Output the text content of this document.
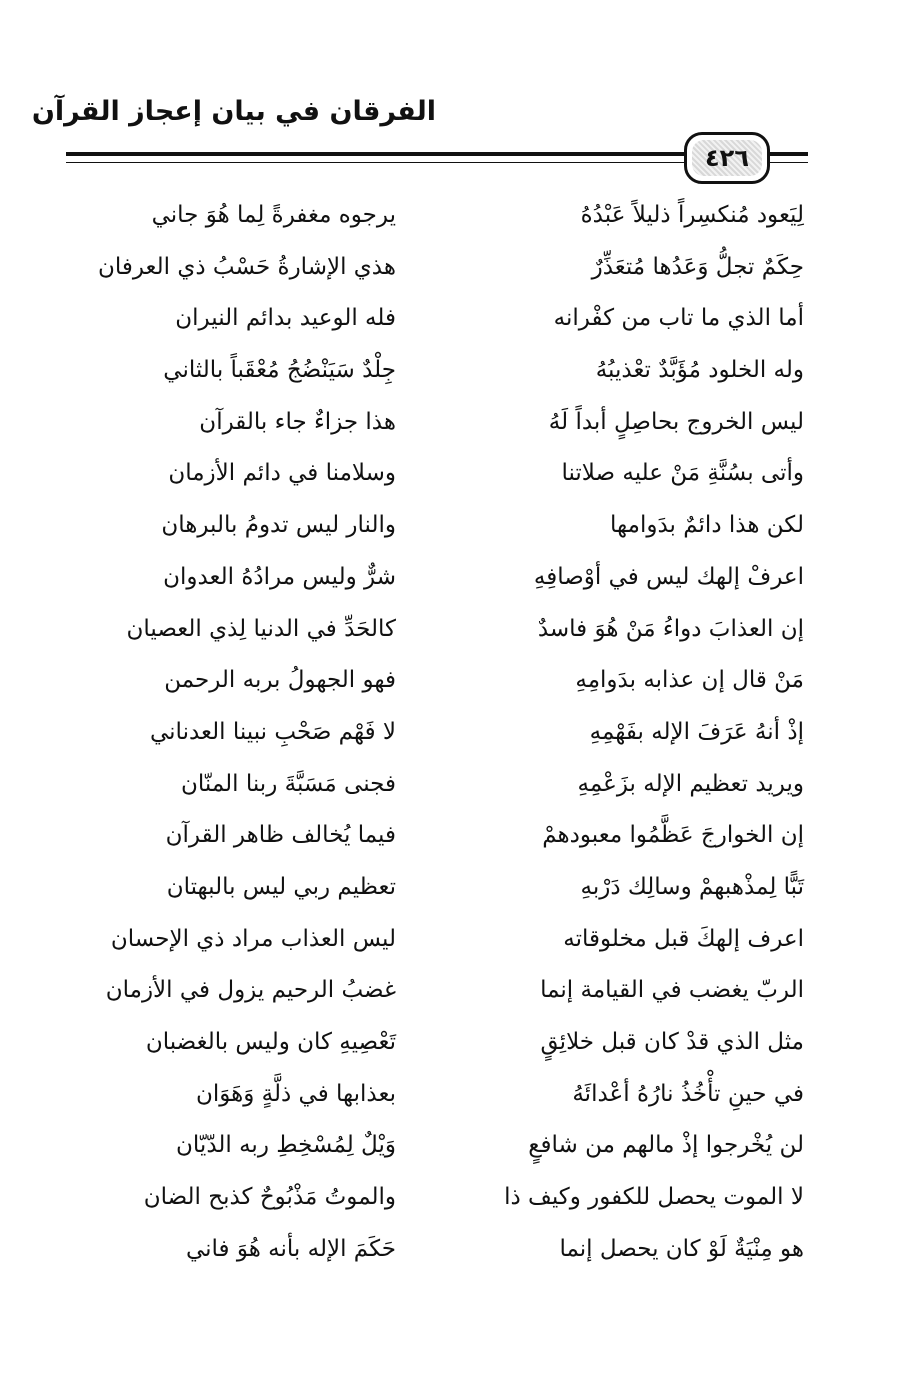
الفرقان في بيان إعجاز القرآن
٤٢٦
لِيَعود مُنكسِراً ذليلاً عَبْدُهُ
حِكَمٌ تجلُّ وَعَدُها مُتعَذِّرٌ
أما الذي ما تاب من كفْرانه
وله الخلود مُؤَبَّدٌ تعْذيبُهُ
ليس الخروج بحاصِلٍ أبداً لَهُ
وأتى بسُنَّةِ مَنْ عليه صلاتنا
لكن هذا دائمٌ بدَوامها
اعرفْ إلهك ليس في أوْصافِهِ
إن العذابَ دواءُ مَنْ هُوَ فاسدٌ
مَنْ قال إن عذابه بدَوامِهِ
إذْ أنهُ عَرَفَ الإله بفَهْمِهِ
ويريد تعظيم الإله بزَعْمِهِ
إن الخوارجَ عَظَّمُوا معبودهمْ
تَبًّا لِمذْهبهمْ وسالِك دَرْبهِ
اعرف إلهكَ قبل مخلوقاته
الربّ يغضب في القيامة إنما
مثل الذي قدْ كان قبل خلائِقٍ
في حينِ تأْخُذُ نارُهُ أعْدائَهُ
لن يُخْرجوا إذْ مالهم من شافعٍ
لا الموت يحصل للكفور وكيف ذا
هو مِنْيَةٌ لَوْ كان يحصل إنما
يرجوه مغفرةً لِما هُوَ جاني
هذي الإشارةُ حَسْبُ ذي العرفان
فله الوعيد بدائم النيران
جِلْدٌ سَيَنْضُجُ مُعْقَباً بالثاني
هذا جزاءٌ جاء بالقرآن
وسلامنا في دائم الأزمان
والنار ليس تدومُ بالبرهان
شرٌّ وليس مرادُهُ العدوان
كالحَدِّ في الدنيا لِذي العصيان
فهو الجهولُ بربه الرحمن
لا فَهْم صَحْبِ نبينا العدناني
فجنى مَسَبَّةَ ربنا المنّان
فيما يُخالف ظاهر القرآن
تعظيم ربي ليس بالبهتان
ليس العذاب مراد ذي الإحسان
غضبُ الرحيم يزول في الأزمان
تَعْصِيهِ كان وليس بالغضبان
بعذابها في ذلَّةٍ وَهَوَان
وَيْلٌ لِمُسْخِطِ ربه الدّيّان
والموتُ مَذْبُوحٌ كذبح الضان
حَكَمَ الإله بأنه هُوَ فاني
